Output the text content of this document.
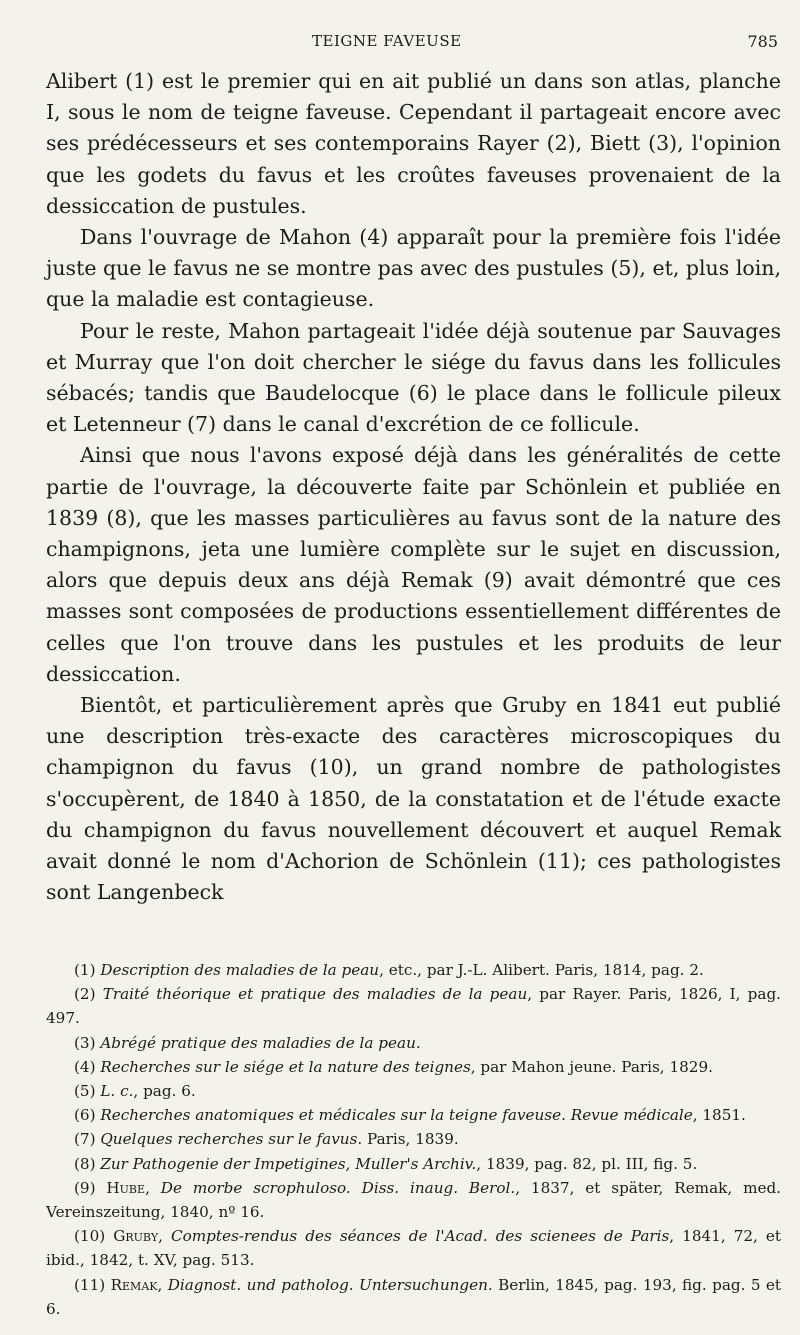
TEIGNE FAVEUSE	785

Alibert (1) est le premier qui en ait publié un dans son atlas, planche I, sous le nom de teigne faveuse. Cependant il partageait encore avec ses prédécesseurs et ses contemporains Rayer (2), Biett (3), l'opinion que les godets du favus et les croûtes faveuses provenaient de la dessiccation de pustules.

Dans l'ouvrage de Mahon (4) apparaît pour la première fois l'idée juste que le favus ne se montre pas avec des pustules (5), et, plus loin, que la maladie est contagieuse.

Pour le reste, Mahon partageait l'idée déjà soutenue par Sauvages et Murray que l'on doit chercher le siége du favus dans les follicules sébacés; tandis que Baudelocque (6) le place dans le follicule pileux et Letenneur (7) dans le canal d'excrétion de ce follicule.

Ainsi que nous l'avons exposé déjà dans les généralités de cette partie de l'ouvrage, la découverte faite par Schönlein et publiée en 1839 (8), que les masses particulières au favus sont de la nature des champignons, jeta une lumière complète sur le sujet en discussion, alors que depuis deux ans déjà Remak (9) avait démontré que ces masses sont composées de productions essentiellement différentes de celles que l'on trouve dans les pustules et les produits de leur dessiccation.

Bientôt, et particulièrement après que Gruby en 1841 eut publié une description très-exacte des caractères microscopiques du champignon du favus (10), un grand nombre de pathologistes s'occupèrent, de 1840 à 1850, de la constatation et de l'étude exacte du champignon du favus nouvellement découvert et auquel Remak avait donné le nom d'Achorion de Schönlein (11); ces pathologistes sont Langenbeck

(1) Description des maladies de la peau, etc., par J.-L. Alibert. Paris, 1814, pag. 2.

(2) Traité théorique et pratique des maladies de la peau, par Rayer. Paris, 1826, I, pag. 497.

(3) Abrégé pratique des maladies de la peau.

(4) Recherches sur le siége et la nature des teignes, par Mahon jeune. Paris, 1829.

(5) L. c., pag. 6.

(6) Recherches anatomiques et médicales sur la teigne faveuse. Revue médicale, 1851.

(7) Quelques recherches sur le favus. Paris, 1839.

(8) Zur Pathogenie der Impetigines, Muller's Archiv., 1839, pag. 82, pl. III, fig. 5.

(9) Hube, De morbe scrophuloso. Diss. inaug. Berol., 1837, et später, Remak, med. Vereinszeitung, 1840, nº 16.

(10) Gruby, Comptes-rendus des séances de l'Acad. des scienees de Paris, 1841, 72, et ibid., 1842, t. XV, pag. 513.

(11) Remak, Diagnost. und patholog. Untersuchungen. Berlin, 1845, pag. 193, fig. pag. 5 et 6.
